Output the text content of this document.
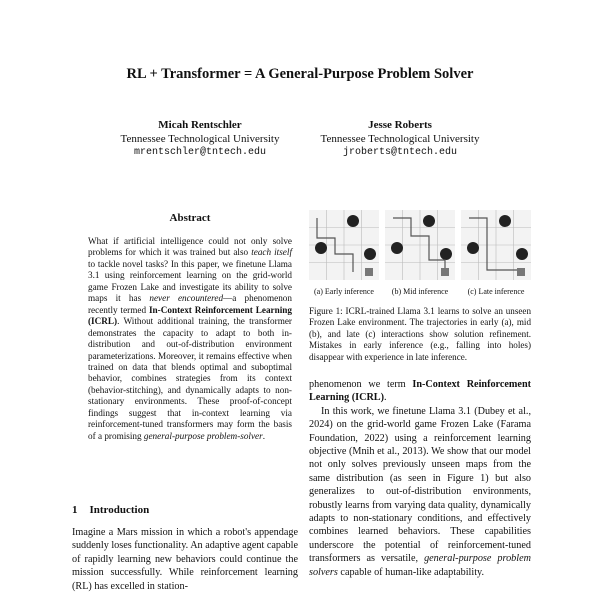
RL + Transformer = A General-Purpose Problem Solver
Micah Rentschler
Tennessee Technological University
mrentschler@tntech.edu
Jesse Roberts
Tennessee Technological University
jroberts@tntech.edu
Abstract
What if artificial intelligence could not only solve problems for which it was trained but also teach itself to tackle novel tasks? In this paper, we finetune Llama 3.1 using reinforcement learning on the grid-world game Frozen Lake and investigate its ability to solve maps it has never encountered—a phenomenon recently termed In-Context Reinforcement Learning (ICRL). Without additional training, the transformer demonstrates the capacity to adapt to both in-distribution and out-of-distribution environment parameterizations. Moreover, it remains effective when trained on data that blends optimal and suboptimal behavior, combines strategies from its context (behavior-stitching), and dynamically adapts to non-stationary environments. These proof-of-concept findings suggest that in-context learning via reinforcement-tuned transformers may form the basis of a promising general-purpose problem-solver.
1 Introduction
Imagine a Mars mission in which a robot's appendage suddenly loses functionality. An adaptive agent capable of rapidly learning new behaviors could continue the mission successfully. While reinforcement learning (RL) has excelled in station-
(a) Early inference	(b) Mid inference	(c) Late inference
Figure 1: ICRL-trained Llama 3.1 learns to solve an unseen Frozen Lake environment. The trajectories in early (a), mid (b), and late (c) interactions show solution refinement. Mistakes in early inference (e.g., falling into holes) disappear with experience in late inference.

phenomenon we term In-Context Reinforcement Learning (ICRL).

In this work, we finetune Llama 3.1 (Dubey et al., 2024) on the grid-world game Frozen Lake (Farama Foundation, 2022) using a reinforcement learning objective (Mnih et al., 2013). We show that our model not only solves previously unseen maps from the same distribution (as seen in Figure 1) but also generalizes to out-of-distribution environments, robustly learns from varying data quality, dynamically adapts to non-stationary conditions, and effectively combines learned behaviors. These capabilities underscore the potential of reinforcement-tuned transformers as versatile, general-purpose problem solvers capable of human-like adaptability.
